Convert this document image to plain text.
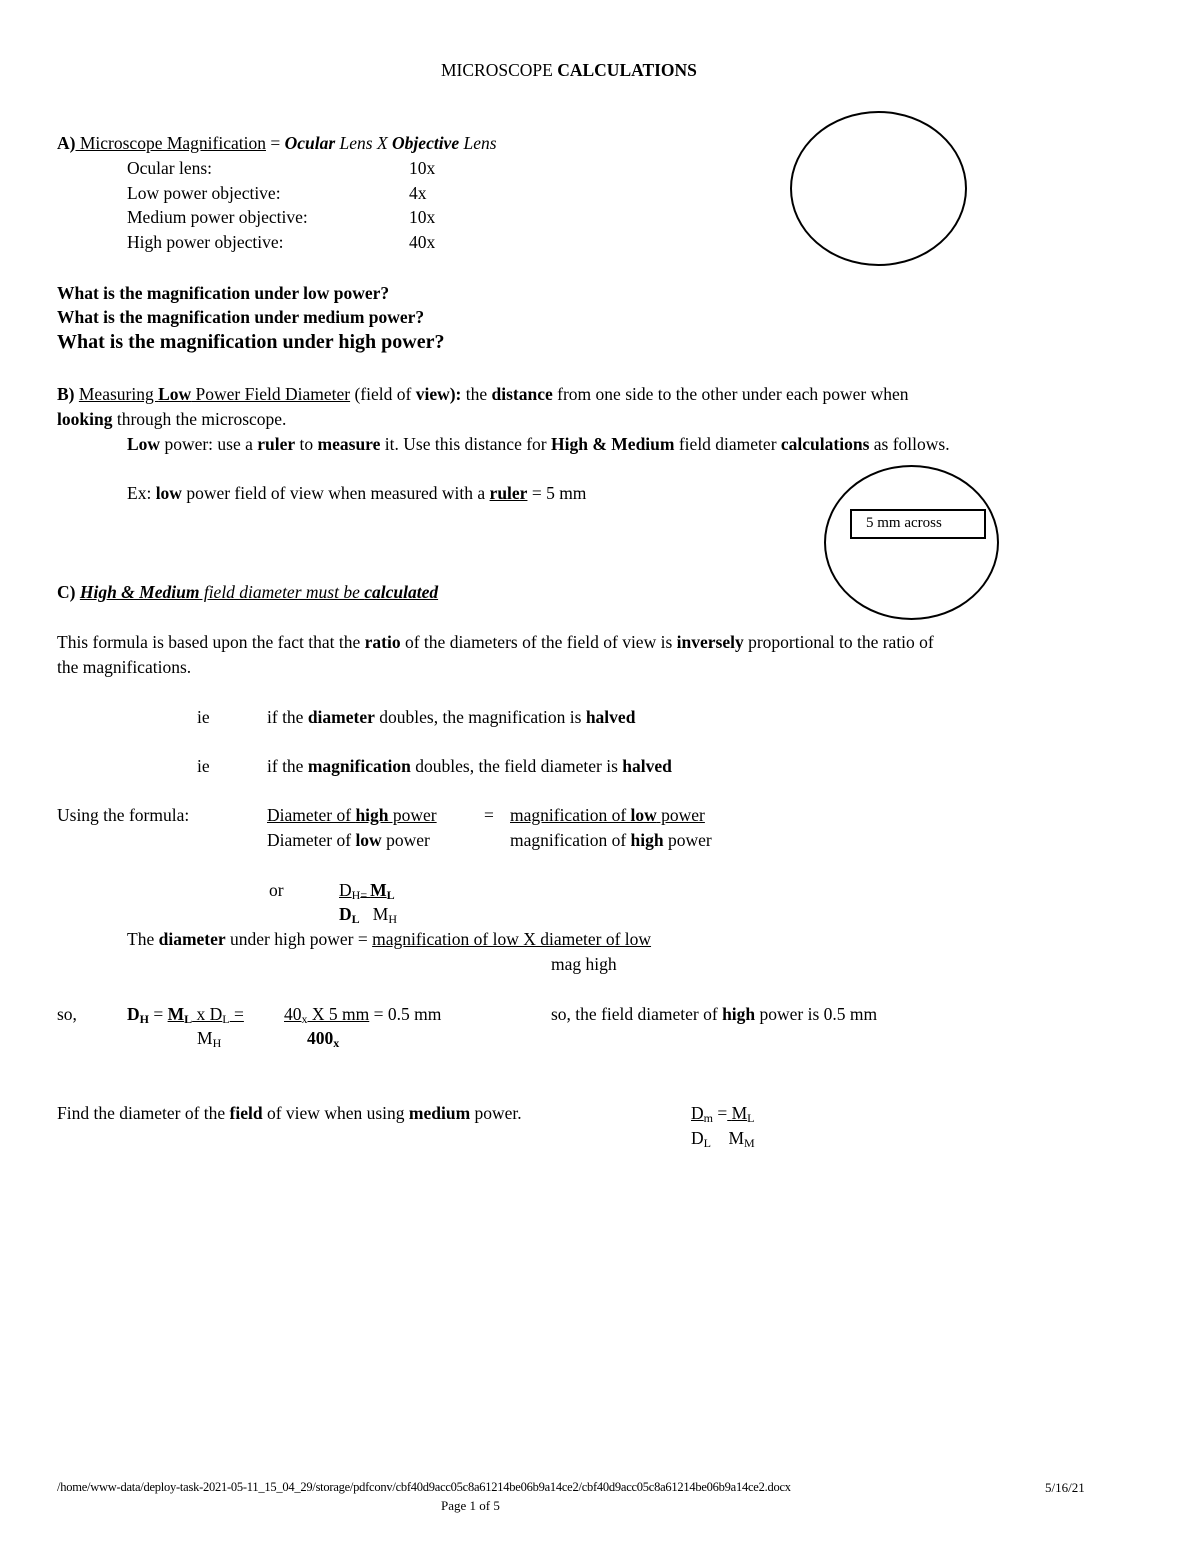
MICROSCOPE CALCULATIONS
A) Microscope Magnification = Ocular Lens X Objective Lens
Ocular lens:	10x
Low power objective:	4x
Medium power objective:	10x
High power objective:	40x
What is the magnification under low power?
What is the magnification under medium power?
What is the magnification under high power?
B) Measuring Low Power Field Diameter (field of view): the distance from one side to the other under each power when
looking through the microscope.
Low power: use a ruler to measure it. Use this distance for High & Medium field diameter calculations as follows.
Ex: low power field of view when measured with a ruler = 5 mm
5 mm across
C) High & Medium field diameter must be calculated
This formula is based upon the fact that the ratio of the diameters of the field of view is inversely proportional to the ratio of
the magnifications.
ie	if the diameter doubles, the magnification is halved
ie	if the magnification doubles, the field diameter is halved
Using the formula:	Diameter of high power	= magnification of low power
Diameter of low power	magnification of high power
or	$D_{H=}$ $M_L$
$D_L$ $M_H$
The diameter under high power = magnification of low X diameter of low
mag high
so,	$D_H = M_L$ x $D_L = 40_x$ X 5 mm = 0.5 mm	so, the field diameter of high power is 0.5 mm
$M_H$	$400_x$
Find the diameter of the field of view when using medium power.	$D_m = M_L$
$D_L$ $M_M$
/home/www-data/deploy-task-2021-05-11_15_04_29/storage/pdfconv/cbf40d9acc05c8a61214be06b9a14ce2/cbf40d9acc05c8a61214be06b9a14ce2.docx	5/16/21
Page 1 of 5
